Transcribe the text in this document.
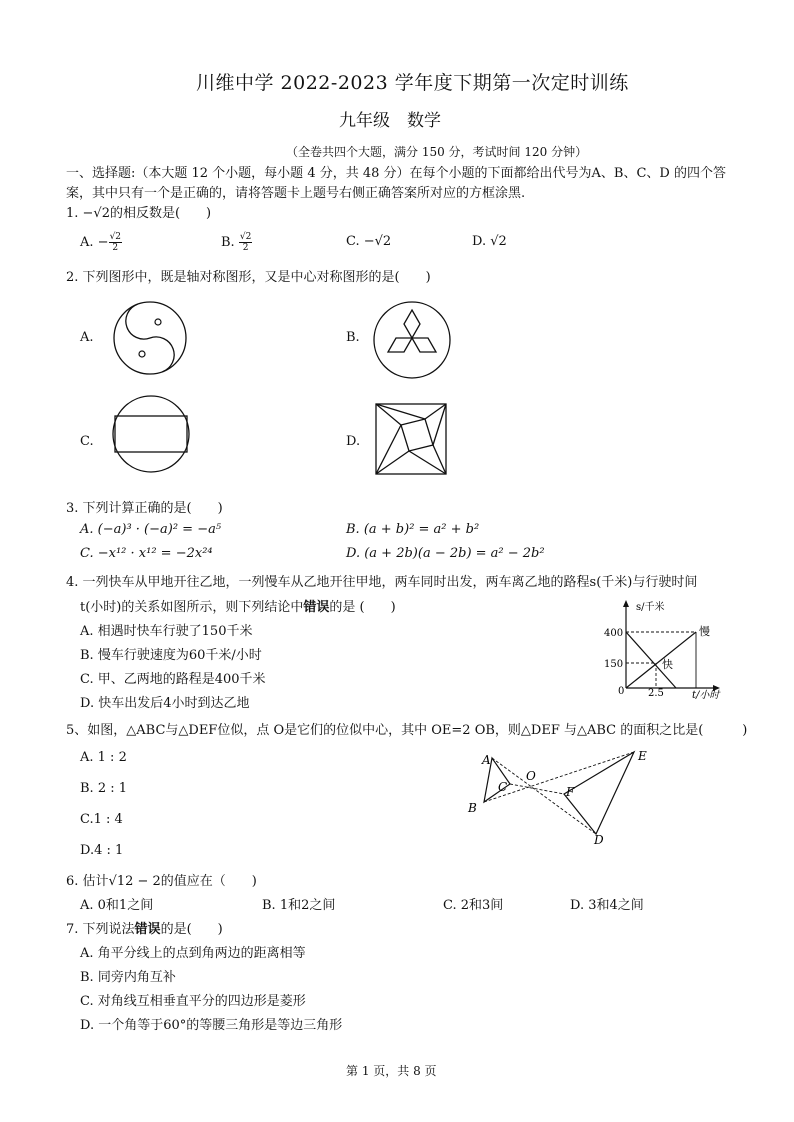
川维中学 2022-2023 学年度下期第一次定时训练
九年级　数学
（全卷共四个大题，满分 150 分，考试时间 120 分钟）
一、选择题:（本大题 12 个小题，每小题 4 分，共 48 分）在每个小题的下面都给出代号为A、B、C、D 的四个答
案，其中只有一个是正确的，请将答题卡上题号右侧正确答案所对应的方框涂黑.
1. −√2的相反数是(　　)
A. − $\frac{√2}{2}$	B. $\frac{√2}{2}$	C. −√2	D. √2
2. 下列图形中，既是轴对称图形，又是中心对称图形的是(　　)
A.	B.
C.	D.
3. 下列计算正确的是(　　)
A. (−a)³ · (−a)² = −a⁵	B. (a + b)² = a² + b²
C. −x¹² · x¹² = −2x²⁴	D. (a + 2b)(a − 2b) = a² − 2b²
4. 一列快车从甲地开往乙地，一列慢车从乙地开往甲地，两车同时出发，两车离乙地的路程s(千米)与行驶时间
t(小时)的关系如图所示，则下列结论中错误的是 (　　)
A. 相遇时快车行驶了150千米
B. 慢车行驶速度为60千米/小时
C. 甲、乙两地的路程是400千米
D. 快车出发后4小时到达乙地
s/千米
400
150
0 2.5	t/小时
慢
快
5、如图，△ABC与△DEF位似，点 O是它们的位似中心，其中 OE=2 OB，则△DEF 与△ABC 的面积之比是(　　　)
A. 1 : 2
B. 2 : 1
C.1 : 4
D.4 : 1
A
B
C
O
E
F
D
6. 估计√12 − 2的值应在（　　)
A. 0和1之间	B. 1和2之间	C. 2和3间	D. 3和4之间
7. 下列说法错误的是(　　)
A. 角平分线上的点到角两边的距离相等
B. 同旁内角互补
C. 对角线互相垂直平分的四边形是菱形
D. 一个角等于60°的等腰三角形是等边三角形
第 1 页，共 8 页
